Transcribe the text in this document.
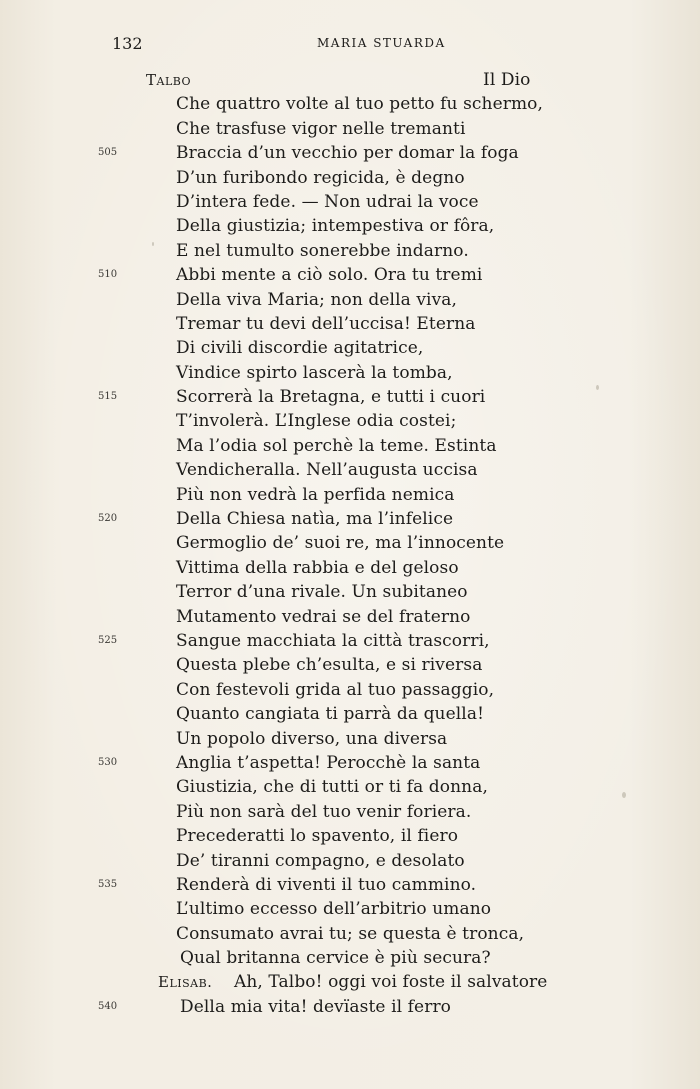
132	MARIA STUARDA
Talbo	Il Dio
Che quattro volte al tuo petto fu schermo,
Che trasfuse vigor nelle tremanti
505	Braccia d’un vecchio per domar la foga
D’un furibondo regicida, è degno
D’intera fede. — Non udrai la voce
Della giustizia; intempestiva or fôra,
E nel tumulto sonerebbe indarno.
510	Abbi mente a ciò solo. Ora tu tremi
Della viva Maria; non della viva,
Tremar tu devi dell’uccisa! Eterna
Di civili discordie agitatrice,
Vindice spirto lascerà la tomba,
515	Scorrerà la Bretagna, e tutti i cuori
T’involerà. L’Inglese odia costei;
Ma l’odia sol perchè la teme. Estinta
Vendicheralla. Nell’augusta uccisa
Più non vedrà la perfida nemica
520	Della Chiesa natìa, ma l’infelice
Germoglio de’ suoi re, ma l’innocente
Vittima della rabbia e del geloso
Terror d’una rivale. Un subitaneo
Mutamento vedrai se del fraterno
525	Sangue macchiata la città trascorri,
Questa plebe ch’esulta, e si riversa
Con festevoli grida al tuo passaggio,
Quanto cangiata ti parrà da quella!
Un popolo diverso, una diversa
530	Anglia t’aspetta! Perocchè la santa
Giustizia, che di tutti or ti fa donna,
Più non sarà del tuo venir foriera.
Precederatti lo spavento, il fiero
De’ tiranni compagno, e desolato
535	Renderà di viventi il tuo cammino.
L’ultimo eccesso dell’arbitrio umano
Consumato avrai tu; se questa è tronca,
Qual britanna cervice è più secura?
Elisab. Ah, Talbo! oggi voi foste il salvatore
540	Della mia vita! devïaste il ferro
